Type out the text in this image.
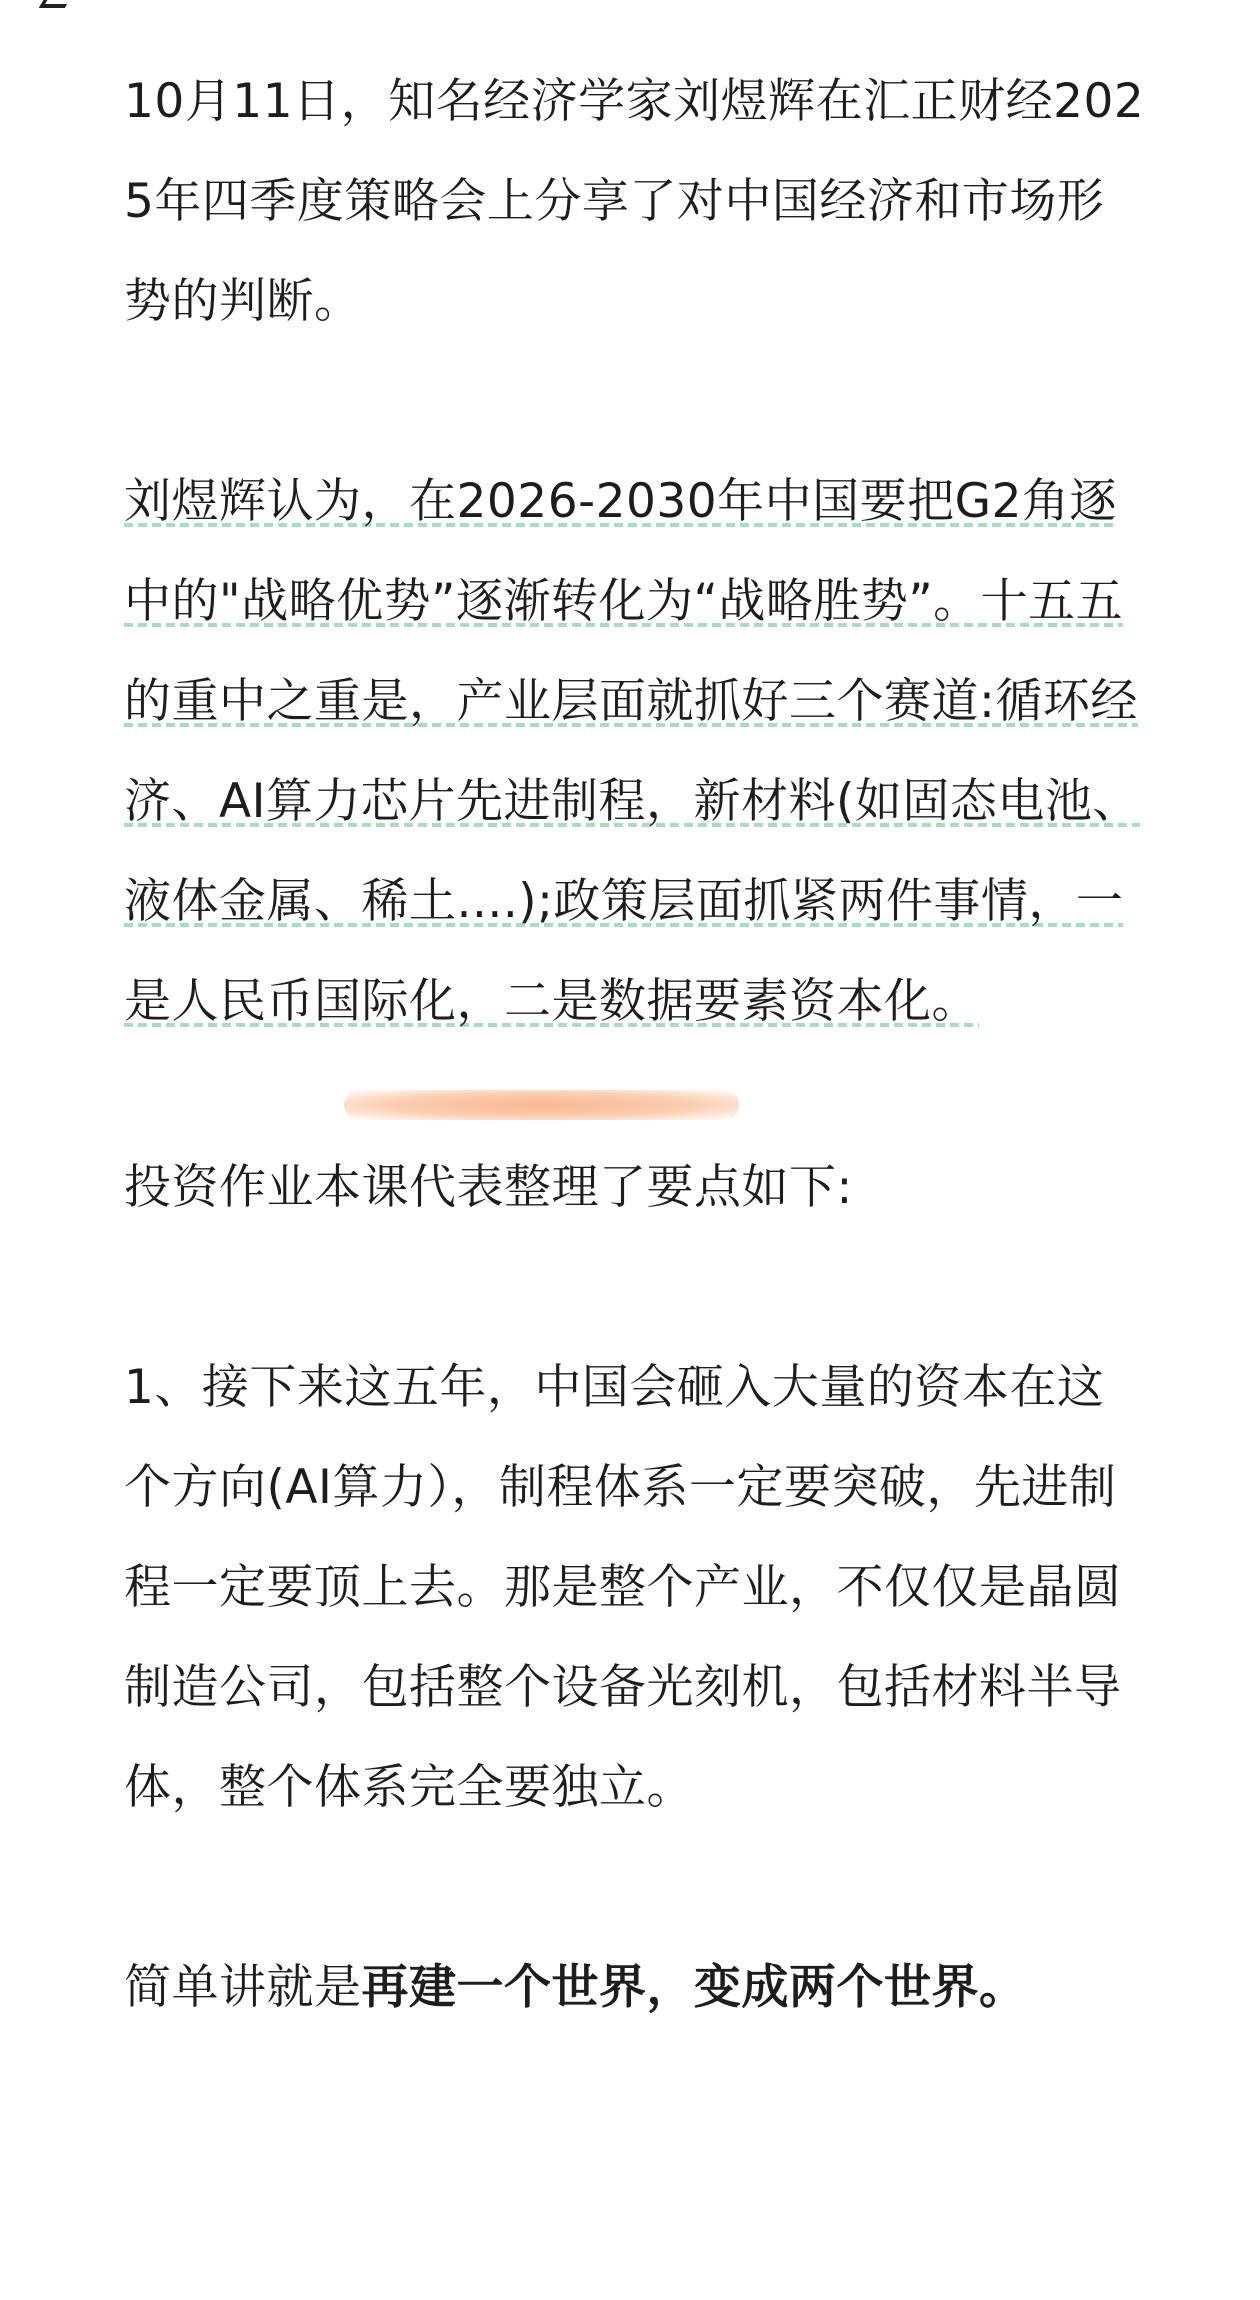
10月11日，知名经济学家刘煜辉在汇正财经2025年四季度策略会上分享了对中国经济和市场形势的判断。

刘煜辉认为，在2026-2030年中国要把G2角逐中的"战略优势”逐渐转化为“战略胜势”。十五五的重中之重是，产业层面就抓好三个赛道:循环经济、AI算力芯片先进制程，新材料(如固态电池、液体金属、稀土....);政策层面抓紧两件事情，一是人民币国际化，二是数据要素资本化。

投资作业本课代表整理了要点如下:

1、接下来这五年，中国会砸入大量的资本在这个方向(AI算力），制程体系一定要突破，先进制程一定要顶上去。那是整个产业，不仅仅是晶圆制造公司，包括整个设备光刻机，包括材料半导体，整个体系完全要独立。

简单讲就是再建一个世界，变成两个世界。
